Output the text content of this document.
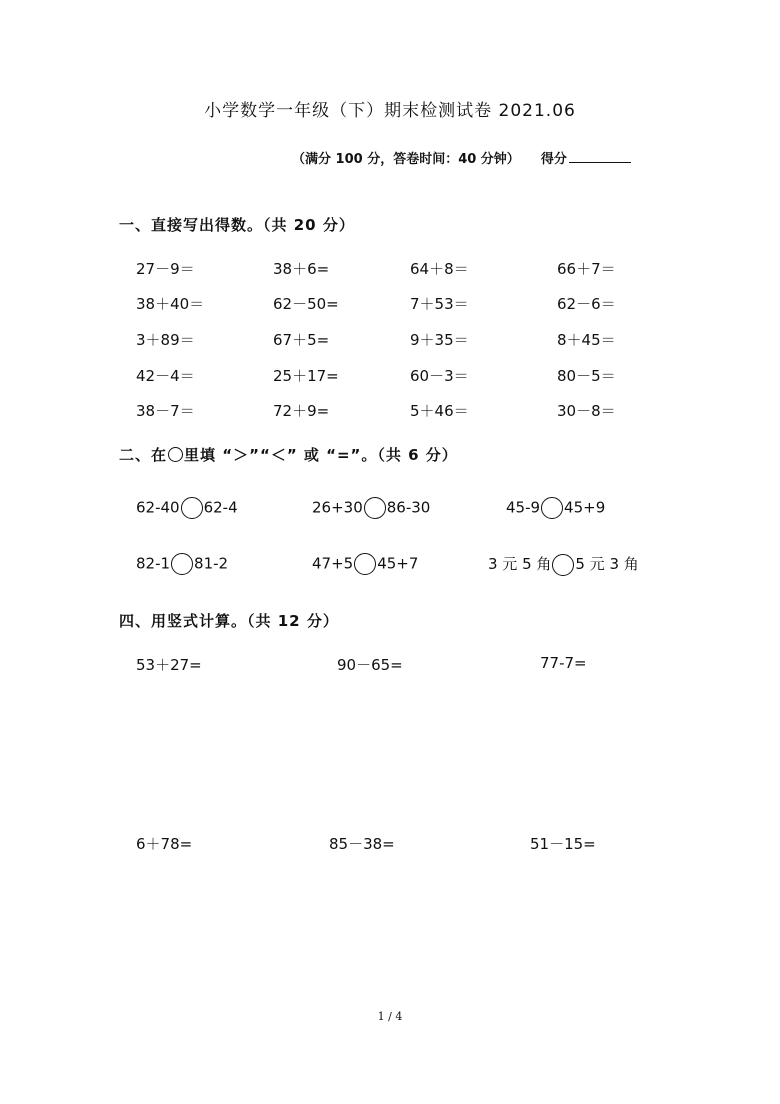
小学数学一年级（下）期末检测试卷 2021.06
（满分 100 分，答卷时间：40 分钟） 得分
一、直接写出得数。（共 20 分）
27－9＝	38＋6=	64＋8＝	66＋7＝
38＋40＝	62－50=	7＋53＝	62－6＝
3＋89＝	67＋5=	9＋35＝	8＋45＝
42－4＝	25＋17=	60－3＝	80－5＝
38－7＝	72＋9=	5＋46＝	30－8＝
二、在 里填 “＞”“＜” 或 “=”。（共 6 分）
62-40 62-4	26+30 86-30	45-9 45+9
82-1 81-2	47+5 45+7	3 元 5 角 5 元 3 角
四、用竖式计算。（共 12 分）
53＋27=	90－65=	77-7=
6＋78=	85－38=	51－15=
1 / 4
